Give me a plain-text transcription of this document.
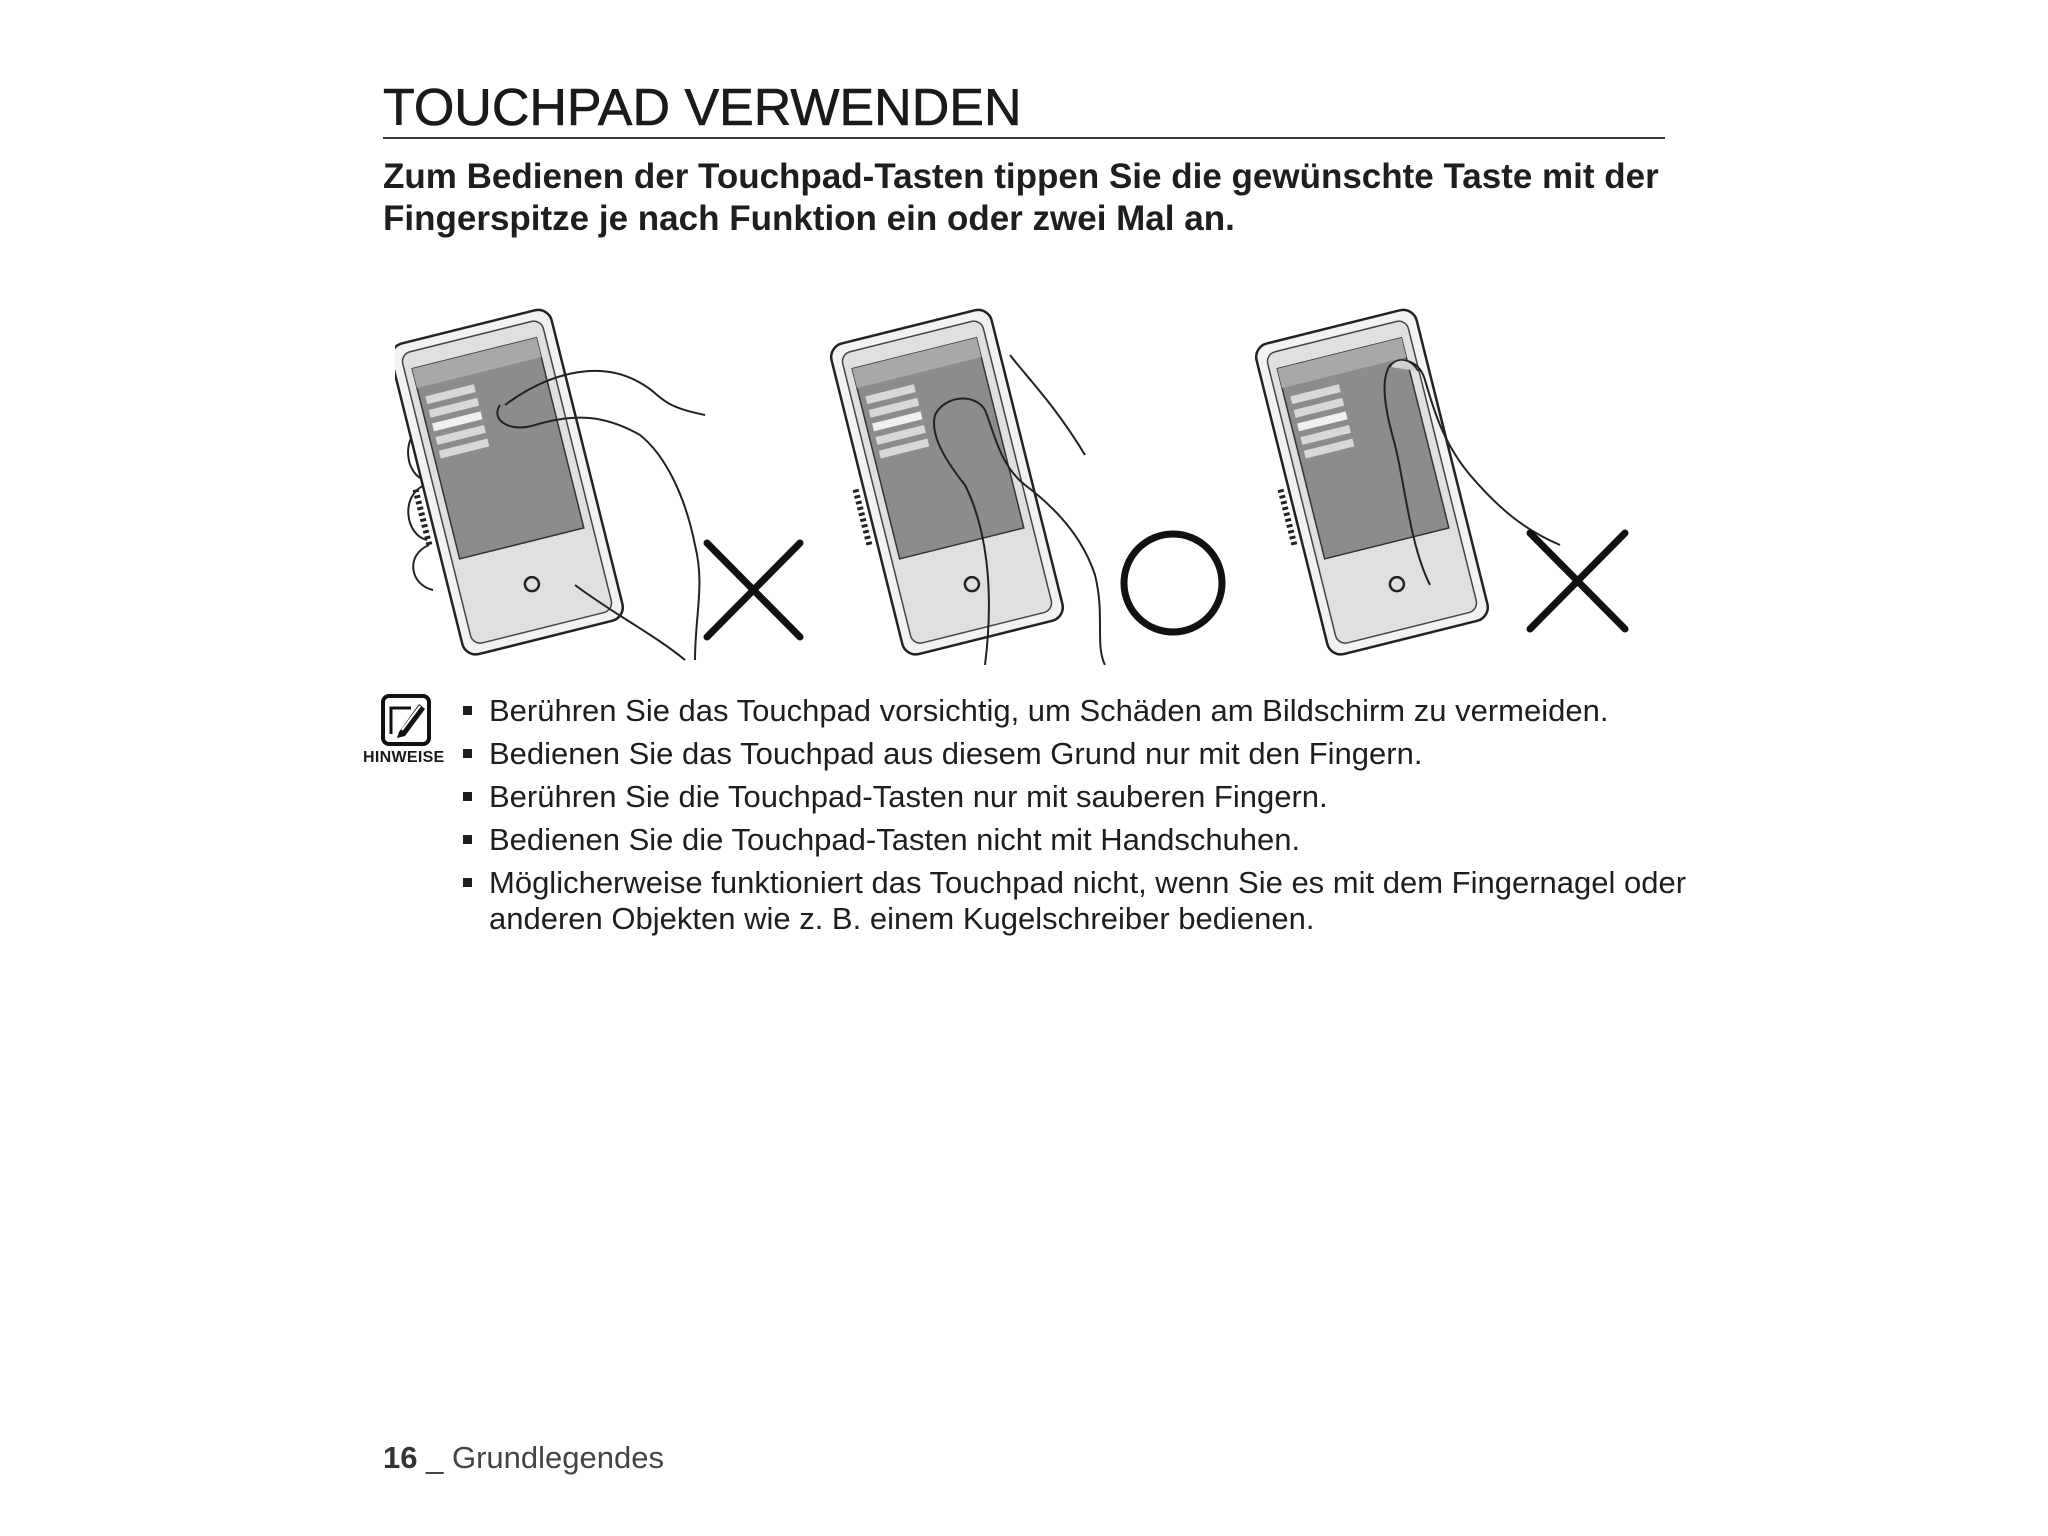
TOUCHPAD VERWENDEN
Zum Bedienen der Touchpad-Tasten tippen Sie die gewünschte Taste mit der Fingerspitze je nach Funktion ein oder zwei Mal an.
HINWEISE
Berühren Sie das Touchpad vorsichtig, um Schäden am Bildschirm zu vermeiden.
Bedienen Sie das Touchpad aus diesem Grund nur mit den Fingern.
Berühren Sie die Touchpad-Tasten nur mit sauberen Fingern.
Bedienen Sie die Touchpad-Tasten nicht mit Handschuhen.
Möglicherweise funktioniert das Touchpad nicht, wenn Sie es mit dem Fingernagel oder anderen Objekten wie z. B. einem Kugelschreiber bedienen.
16 _ Grundlegendes
